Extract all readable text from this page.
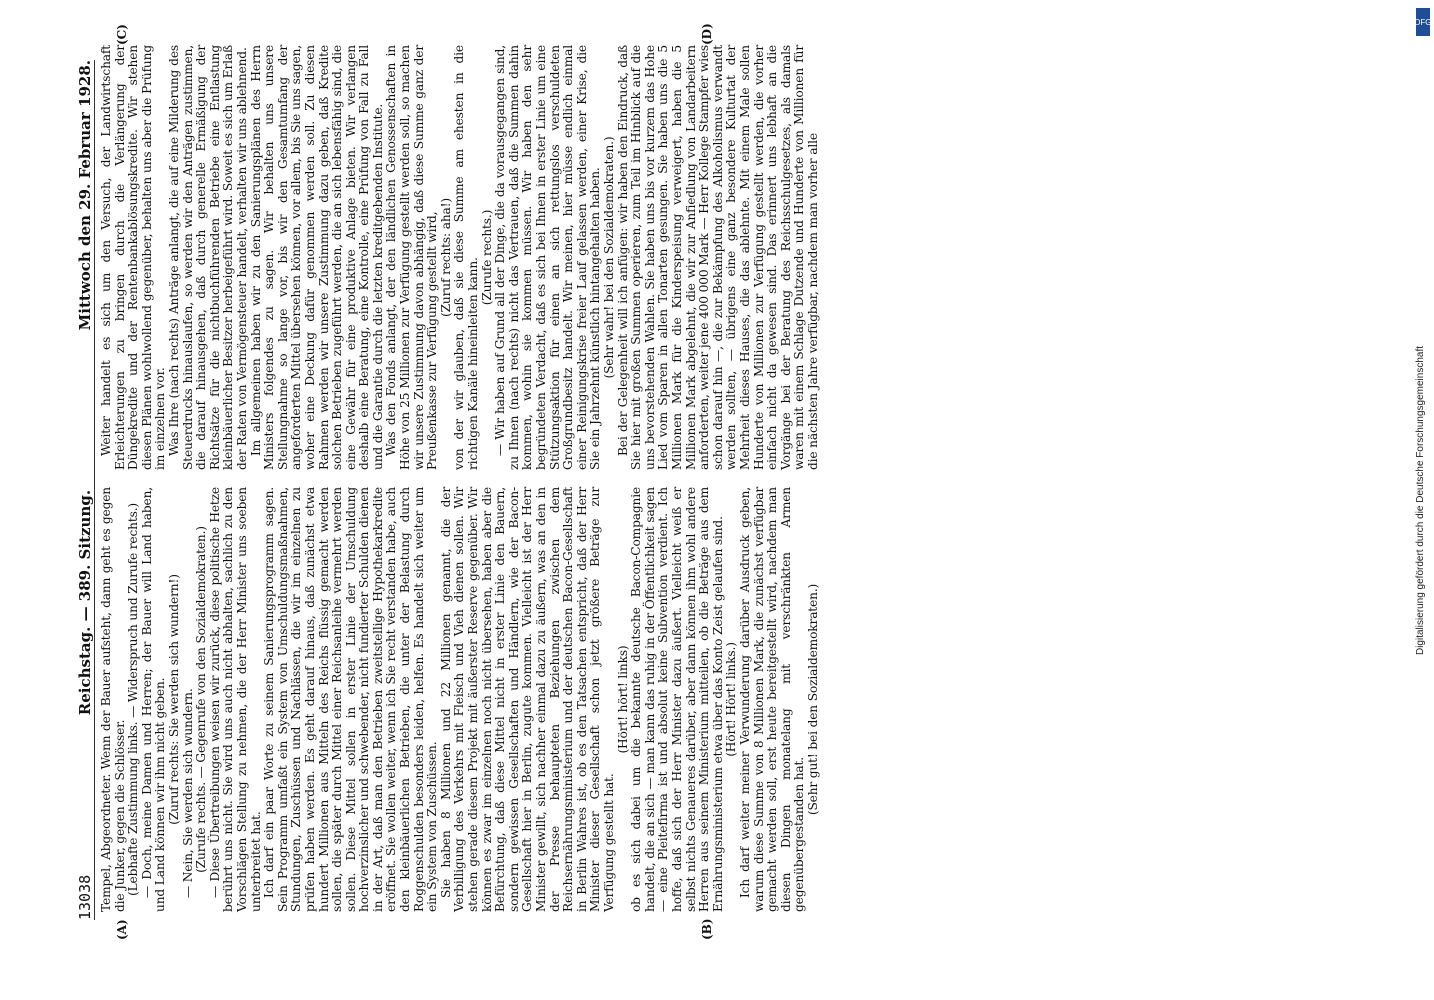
13038
Reichstag. — 389. Sitzung.
Mittwoch den 29. Februar 1928.
(A)	(B)
(C)	(D)

Tempel, Abgeordneter. Wenn der Bauer aufsteht, dann geht es gegen die Junker, gegen die Schlösser. (Lebhafte Zustimmung links. — Widerspruch und Zurufe rechts.) — Doch, meine Damen und Herren; der Bauer will Land haben, und Land können wir ihm nicht geben. (Zuruf rechts: Sie werden sich wundern!) — Nein, Sie werden sich wundern. (Zurufe rechts. — Gegenrufe von den Sozialdemokraten.) — Diese Übertreibungen weisen wir zurück, diese politische Hetze berührt uns nicht. Sie wird uns auch nicht abhalten, sachlich zu den Vorschlägen Stellung zu nehmen, die der Herr Minister uns soeben unterbreitet hat. Ich darf ein paar Worte zu seinem Sanierungsprogramm sagen. Sein Programm umfaßt ein System von Umschuldungsmaßnahmen, Stundungen, Zuschüssen und Nachlässen, die wir im einzelnen zu prüfen haben werden. Es geht darauf hinaus, daß zunächst etwa hundert Millionen aus Mitteln des Reichs flüssig gemacht werden sollen, die später durch Mittel einer Reichsanleihe vermehrt werden sollen. Diese Mittel sollen in erster Linie der Umschuldung hochverzinslicher und schwebender, nicht fundierter Schulden dienen in der Art, daß man den Betrieben zweitstellige Hypothekarkredite eröffnet. Sie wollen weiter, wenn ich Sie recht verstanden habe, auch den kleinbäuerlichen Betrieben, die unter der Belastung durch Roggenschulden besonders leiden, helfen. Es handelt sich weiter um ein System von Zuschüssen. Sie haben 8 Millionen und 22 Millionen genannt, die der Verbilligung des Verkehrs mit Fleisch und Vieh dienen sollen. Wir stehen gerade diesem Projekt mit äußerster Reserve gegenüber. Wir können es zwar im einzelnen noch nicht übersehen, haben aber die Befürchtung, daß diese Mittel nicht in erster Linie den Bauern, sondern gewissen Gesellschaften und Händlern, wie der Bacon-Gesellschaft hier in Berlin, zugute kommen. Vielleicht ist der Herr Minister gewillt, sich nachher einmal dazu zu äußern, was an den in der Presse behaupteten Beziehungen zwischen dem Reichsernährungsministerium und der deutschen Bacon-Gesellschaft in Berlin Wahres ist, ob es den Tatsachen entspricht, daß der Herr Minister dieser Gesellschaft schon jetzt größere Beträge zur Verfügung gestellt hat.

(Hört! hört! links) ob es sich dabei um die bekannte deutsche Bacon-Compagnie handelt, die an sich — man kann das ruhig in der Öffentlichkeit sagen — eine Pleitefirma ist und absolut keine Subvention verdient. Ich hoffe, daß sich der Herr Minister dazu äußert. Vielleicht weiß er selbst nichts Genaueres darüber, aber dann können ihm wohl andere Herren aus seinem Ministerium mitteilen, ob die Beträge aus dem Ernährungsministerium etwa über das Konto Zeist gelaufen sind. (Hört! Hört! links.) Ich darf weiter meiner Verwunderung darüber Ausdruck geben, warum diese Summe von 8 Millionen Mark, die zunächst verfügbar gemacht werden soll, erst heute bereitgestellt wird, nachdem man diesen Dingen monatelang mit verschränkten Armen gegenübergestanden hat.

(Sehr gut! bei den Sozialdemokraten.)

Weiter handelt es sich um den Versuch, der Landwirtschaft Erleichterungen zu bringen durch die Verlängerung der Düngekredite und der Rentenbankablösungskredite. Wir stehen diesen Plänen wohlwollend gegenüber, behalten uns aber die Prüfung im einzelnen vor. Was Ihre (nach rechts) Anträge anlangt, die auf eine Milderung des Steuerdrucks hinauslaufen, so werden wir den Anträgen zustimmen, die darauf hinausgehen, daß durch generelle Ermäßigung der Richtsätze für die nichtbuchführenden Betriebe eine Entlastung kleinbäuerlicher Besitzer herbeigeführt wird. Soweit es sich um Erlaß der Raten von Vermögensteuer handelt, verhalten wir uns ablehnend. Im allgemeinen haben wir zu den Sanierungsplänen des Herrn Ministers folgendes zu sagen. Wir behalten uns unsere Stellungnahme so lange vor, bis wir den Gesamtumfang der angeforderten Mittel übersehen können, vor allem, bis Sie uns sagen, woher eine Deckung dafür genommen werden soll. Zu diesen Rahmen werden wir unsere Zustimmung dazu geben, daß Kredite solchen Betrieben zugeführt werden, die an sich lebensfähig sind, die eine Gewähr für eine produktive Anlage bieten. Wir verlangen deshalb eine Beratung, eine Kontrolle, eine Prüfung von Fall zu Fall und die Garantie durch die letzten kreditgebenden Institute. Was den Fonds anlangt, der den ländlichen Genossenschaften in Höhe von 25 Millionen zur Verfügung gestellt werden soll, so machen wir unsere Zustimmung davon abhängig, daß diese Summe ganz der Preußenkasse zur Verfügung gestellt wird, (Zuruf rechts: aha!) von der wir glauben, daß sie diese Summe am ehesten in die richtigen Kanäle hineinleiten kann. (Zurufe rechts.) — Wir haben auf Grund all der Dinge, die da vorausgegangen sind, zu Ihnen (nach rechts) nicht das Vertrauen, daß die Summen dahin kommen, wohin sie kommen müssen. Wir haben den sehr begründeten Verdacht, daß es sich bei Ihnen in erster Linie um eine Stützungsaktion für einen an sich rettungslos verschuldeten Großgrundbesitz handelt. Wir meinen, hier müsse endlich einmal einer Reinigungskrise freier Lauf gelassen werden, einer Krise, die Sie ein Jahrzehnt künstlich hintangehalten haben. (Sehr wahr! bei den Sozialdemokraten.) Bei der Gelegenheit will ich anfügen: wir haben den Eindruck, daß Sie hier mit großen Summen operieren, zum Teil im Hinblick auf die uns bevorstehenden Wahlen. Sie haben uns bis vor kurzem das Hohe Lied vom Sparen in allen Tonarten gesungen. Sie haben uns die 5 Millionen Mark für die Kinderspeisung verweigert, haben die 5 Millionen Mark abgelehnt, die wir zur Anfiedlung von Landarbeitern anforderten, weiter jene 400 000 Mark — Herr Kollege Stampfer wies schon darauf hin —, die zur Bekämpfung des Alkoholismus verwandt werden sollten, — übrigens eine ganz besondere Kulturtat der Mehrheit dieses Hauses, die das ablehnte. Mit einem Male sollen Hunderte von Millionen zur Verfügung gestellt werden, die vorher einfach nicht da gewesen sind. Das erinnert uns lebhaft an die Vorgänge bei der Beratung des Reichsschulgesetzes, als damals waren mit einem Schlage Dutzende und Hunderte von Millionen für die nächsten Jahre verfügbar, nachdem man vorher alle

DFG
Digitalisierung gefördert durch die Deutsche Forschungsgemeinschaft
